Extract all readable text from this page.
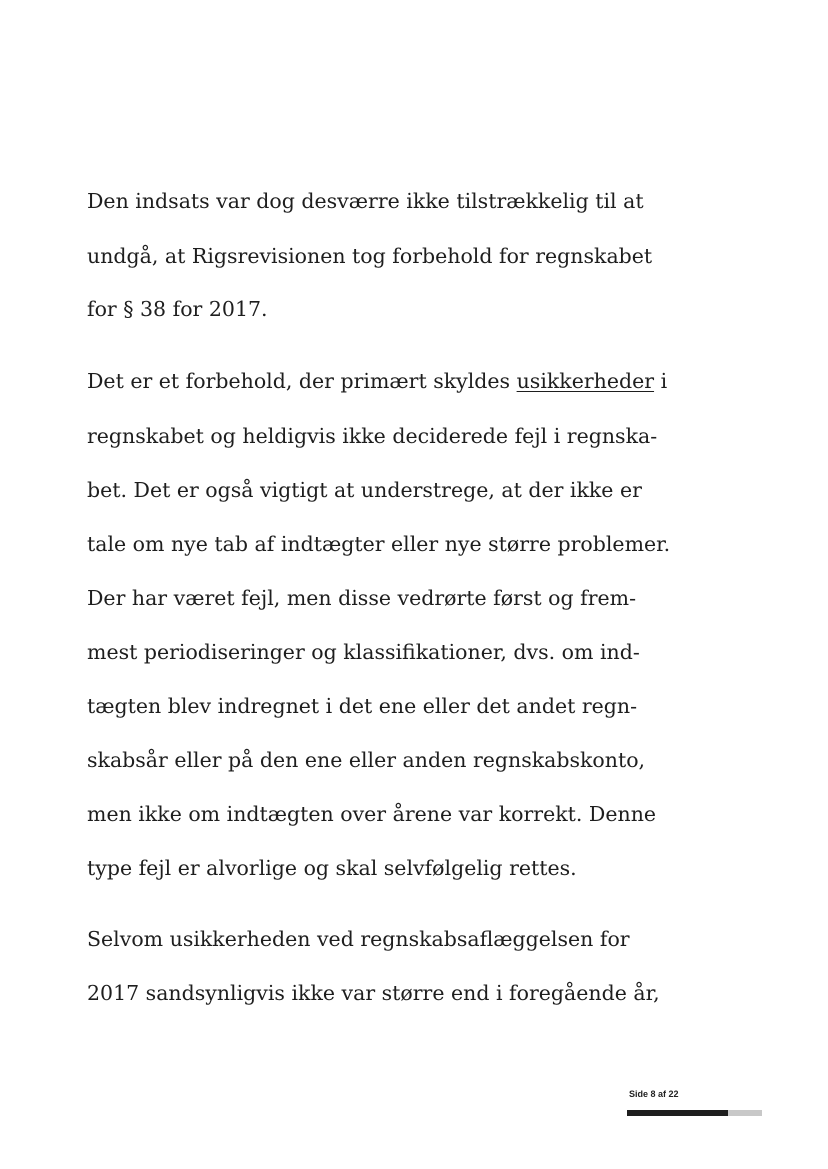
Den indsats var dog desværre ikke tilstrækkelig til at
undgå, at Rigsrevisionen tog forbehold for regnskabet
for § 38 for 2017.
Det er et forbehold, der primært skyldes usikkerheder i
regnskabet og heldigvis ikke deciderede fejl i regnska-
bet. Det er også vigtigt at understrege, at der ikke er
tale om nye tab af indtægter eller nye større problemer.
Der har været fejl, men disse vedrørte først og frem-
mest periodiseringer og klassifikationer, dvs. om ind-
tægten blev indregnet i det ene eller det andet regn-
skabsår eller på den ene eller anden regnskabskonto,
men ikke om indtægten over årene var korrekt. Denne
type fejl er alvorlige og skal selvfølgelig rettes.
Selvom usikkerheden ved regnskabsaflæggelsen for
2017 sandsynligvis ikke var større end i foregående år,
Side 8 af 22
